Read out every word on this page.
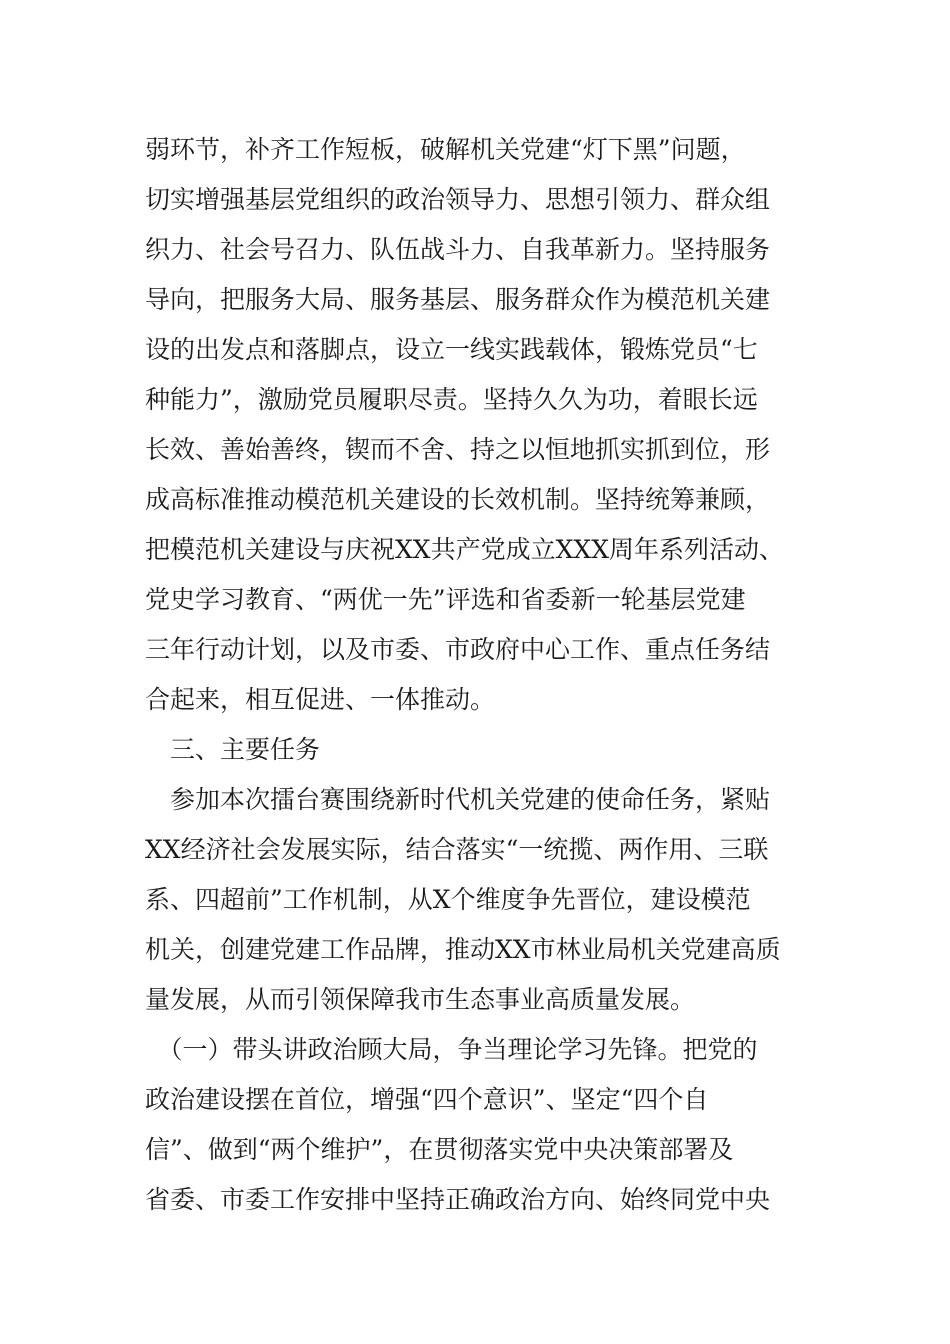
弱环节，补齐工作短板，破解机关党建“灯下黑”问题，
切实增强基层党组织的政治领导力、思想引领力、群众组
织力、社会号召力、队伍战斗力、自我革新力。坚持服务
导向，把服务大局、服务基层、服务群众作为模范机关建
设的出发点和落脚点，设立一线实践载体，锻炼党员“七
种能力”，激励党员履职尽责。坚持久久为功，着眼长远
长效、善始善终，锲而不舍、持之以恒地抓实抓到位，形
成高标准推动模范机关建设的长效机制。坚持统筹兼顾，
把模范机关建设与庆祝XX共产党成立XXX周年系列活动、
党史学习教育、“两优一先”评选和省委新一轮基层党建
三年行动计划，以及市委、市政府中心工作、重点任务结
合起来，相互促进、一体推动。
　三、主要任务
　参加本次擂台赛围绕新时代机关党建的使命任务，紧贴
XX经济社会发展实际，结合落实“一统揽、两作用、三联
系、四超前”工作机制，从X个维度争先晋位，建设模范
机关，创建党建工作品牌，推动XX市林业局机关党建高质
量发展，从而引领保障我市生态事业高质量发展。
　（一）带头讲政治顾大局，争当理论学习先锋。把党的
政治建设摆在首位，增强“四个意识”、坚定“四个自
信”、做到“两个维护”，在贯彻落实党中央决策部署及
省委、市委工作安排中坚持正确政治方向、始终同党中央
